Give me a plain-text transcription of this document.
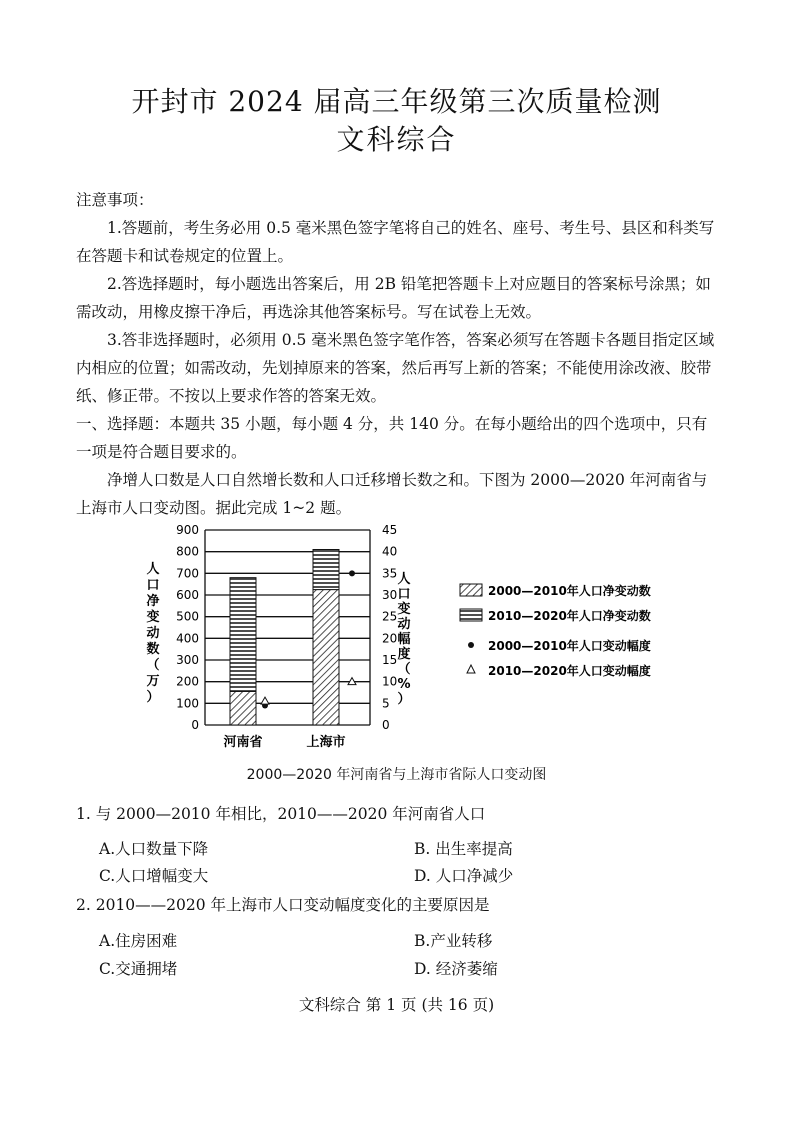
开封市 2024 届高三年级第三次质量检测
文科综合
注意事项：
1.答题前，考生务必用 0.5 毫米黑色签字笔将自己的姓名、座号、考生号、县区和科类写在答题卡和试卷规定的位置上。
2.答选择题时，每小题选出答案后，用 2B 铅笔把答题卡上对应题目的答案标号涂黑；如需改动，用橡皮擦干净后，再选涂其他答案标号。写在试卷上无效。
3.答非选择题时，必须用 0.5 毫米黑色签字笔作答，答案必须写在答题卡各题目指定区域内相应的位置；如需改动，先划掉原来的答案，然后再写上新的答案；不能使用涂改液、胶带纸、修正带。不按以上要求作答的答案无效。
一、选择题：本题共 35 小题，每小题 4 分，共 140 分。在每小题给出的四个选项中，只有一项是符合题目要求的。
净增人口数是人口自然增长数和人口迁移增长数之和。下图为 2000—2020 年河南省与上海市人口变动图。据此完成 1~2 题。
900	45
800	40
700	35
600	30
500	25
400	20
300	15
200	10
100	5
0	0
河南省	上海市
人口净变动数（万）
人口变动幅度（%）
2000—2010年人口净变动数
2010—2020年人口净变动数
2000—2010年人口变动幅度
2010—2020年人口变动幅度
2000—2020 年河南省与上海市省际人口变动图
1. 与 2000—2010 年相比，2010——2020 年河南省人口
A.人口数量下降	B. 出生率提高
C.人口增幅变大	D. 人口净减少
2. 2010——2020 年上海市人口变动幅度变化的主要原因是
A.住房困难	B.产业转移
C.交通拥堵	D. 经济萎缩
文科综合 第 1 页 (共 16 页)
